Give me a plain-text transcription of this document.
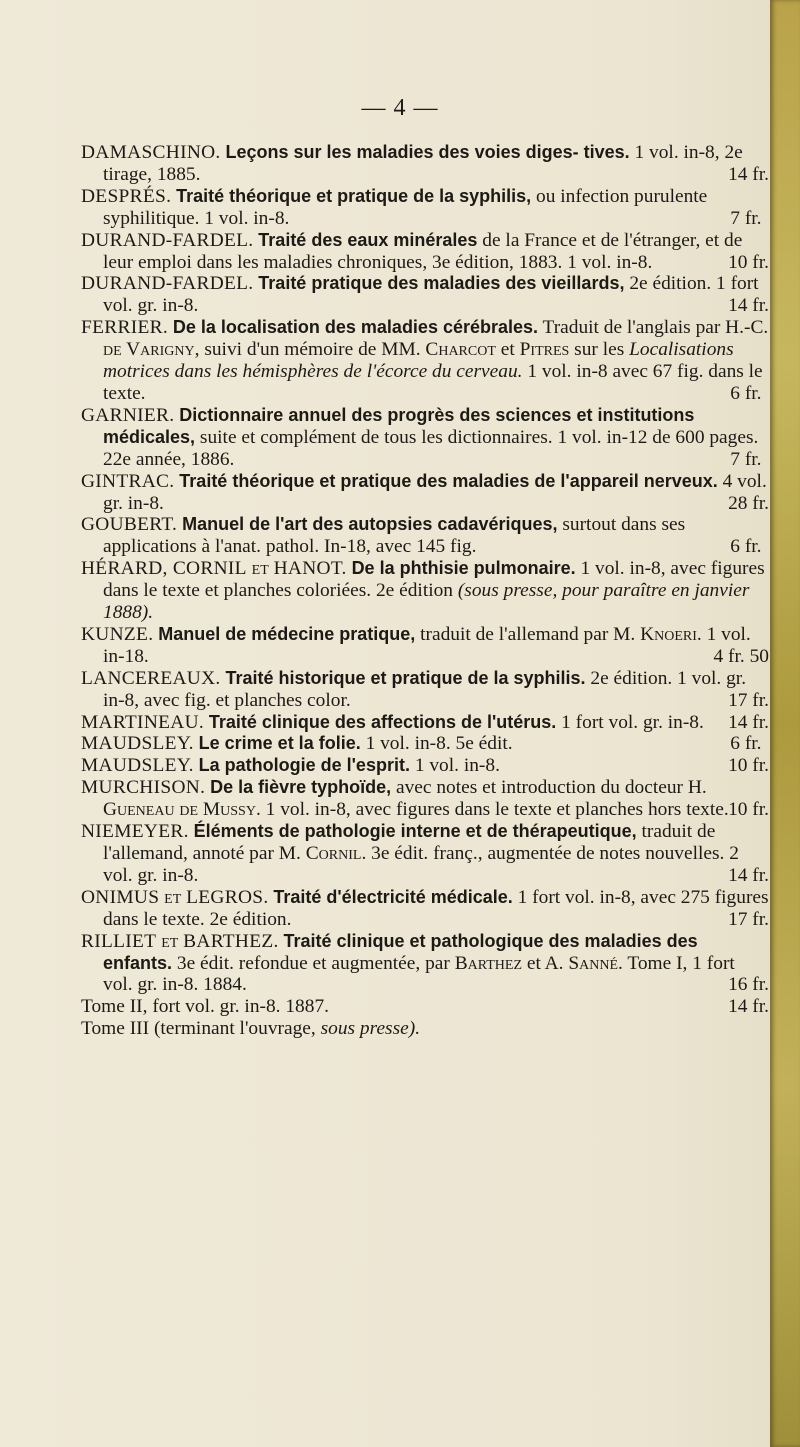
— 4 —

DAMASCHINO. Leçons sur les maladies des voies diges- tives. 1 vol. in-8, 2e tirage, 1885.	14 fr.

DESPRÉS. Traité théorique et pratique de la syphilis, ou infection purulente syphilitique. 1 vol. in-8.	7 fr.

DURAND-FARDEL. Traité des eaux minérales de la France et de l'étranger, et de leur emploi dans les maladies chroniques, 3e édition, 1883. 1 vol. in-8.	10 fr.

DURAND-FARDEL. Traité pratique des maladies des vieillards, 2e édition. 1 fort vol. gr. in-8.	14 fr.

FERRIER. De la localisation des maladies cérébrales. Traduit de l'anglais par H.-C. de Varigny, suivi d'un mémoire de MM. Charcot et Pitres sur les Localisations motrices dans les hémisphères de l'écorce du cerveau. 1 vol. in-8 avec 67 fig. dans le texte.	6 fr.

GARNIER. Dictionnaire annuel des progrès des sciences et institutions médicales, suite et complément de tous les dictionnaires. 1 vol. in-12 de 600 pages. 22e année, 1886.	7 fr.

GINTRAC. Traité théorique et pratique des maladies de l'appareil nerveux. 4 vol. gr. in-8.	28 fr.

GOUBERT. Manuel de l'art des autopsies cadavériques, surtout dans ses applications à l'anat. pathol. In-18, avec 145 fig.	6 fr.

HÉRARD, CORNIL et HANOT. De la phthisie pulmonaire. 1 vol. in-8, avec figures dans le texte et planches coloriées. 2e édition (sous presse, pour paraître en janvier 1888).

KUNZE. Manuel de médecine pratique, traduit de l'allemand par M. Knoeri. 1 vol. in-18.	4 fr. 50

LANCEREAUX. Traité historique et pratique de la syphilis. 2e édition. 1 vol. gr. in-8, avec fig. et planches color.	17 fr.

MARTINEAU. Traité clinique des affections de l'utérus. 1 fort vol. gr. in-8. 14 fr.

MAUDSLEY. Le crime et la folie. 1 vol. in-8. 5e édit.	6 fr.

MAUDSLEY. La pathologie de l'esprit. 1 vol. in-8.	10 fr.

MURCHISON. De la fièvre typhoïde, avec notes et introduction du docteur H. Gueneau de Mussy. 1 vol. in-8, avec figures dans le texte et planches hors texte. 10 fr.

NIEMEYER. Éléments de pathologie interne et de thérapeutique, traduit de l'allemand, annoté par M. Cornil. 3e édit. franç., augmentée de notes nouvelles. 2 vol. gr. in-8.	14 fr.

ONIMUS et LEGROS. Traité d'électricité médicale. 1 fort vol. in-8, avec 275 figures dans le texte. 2e édition.	17 fr.

RILLIET et BARTHEZ. Traité clinique et pathologique des maladies des enfants. 3e édit. refondue et augmentée, par Barthez et A. Sanné. Tome I, 1 fort vol. gr. in-8. 1884.	16 fr.

Tome II, fort vol. gr. in-8. 1887.	14 fr.

Tome III (terminant l'ouvrage, sous presse).
